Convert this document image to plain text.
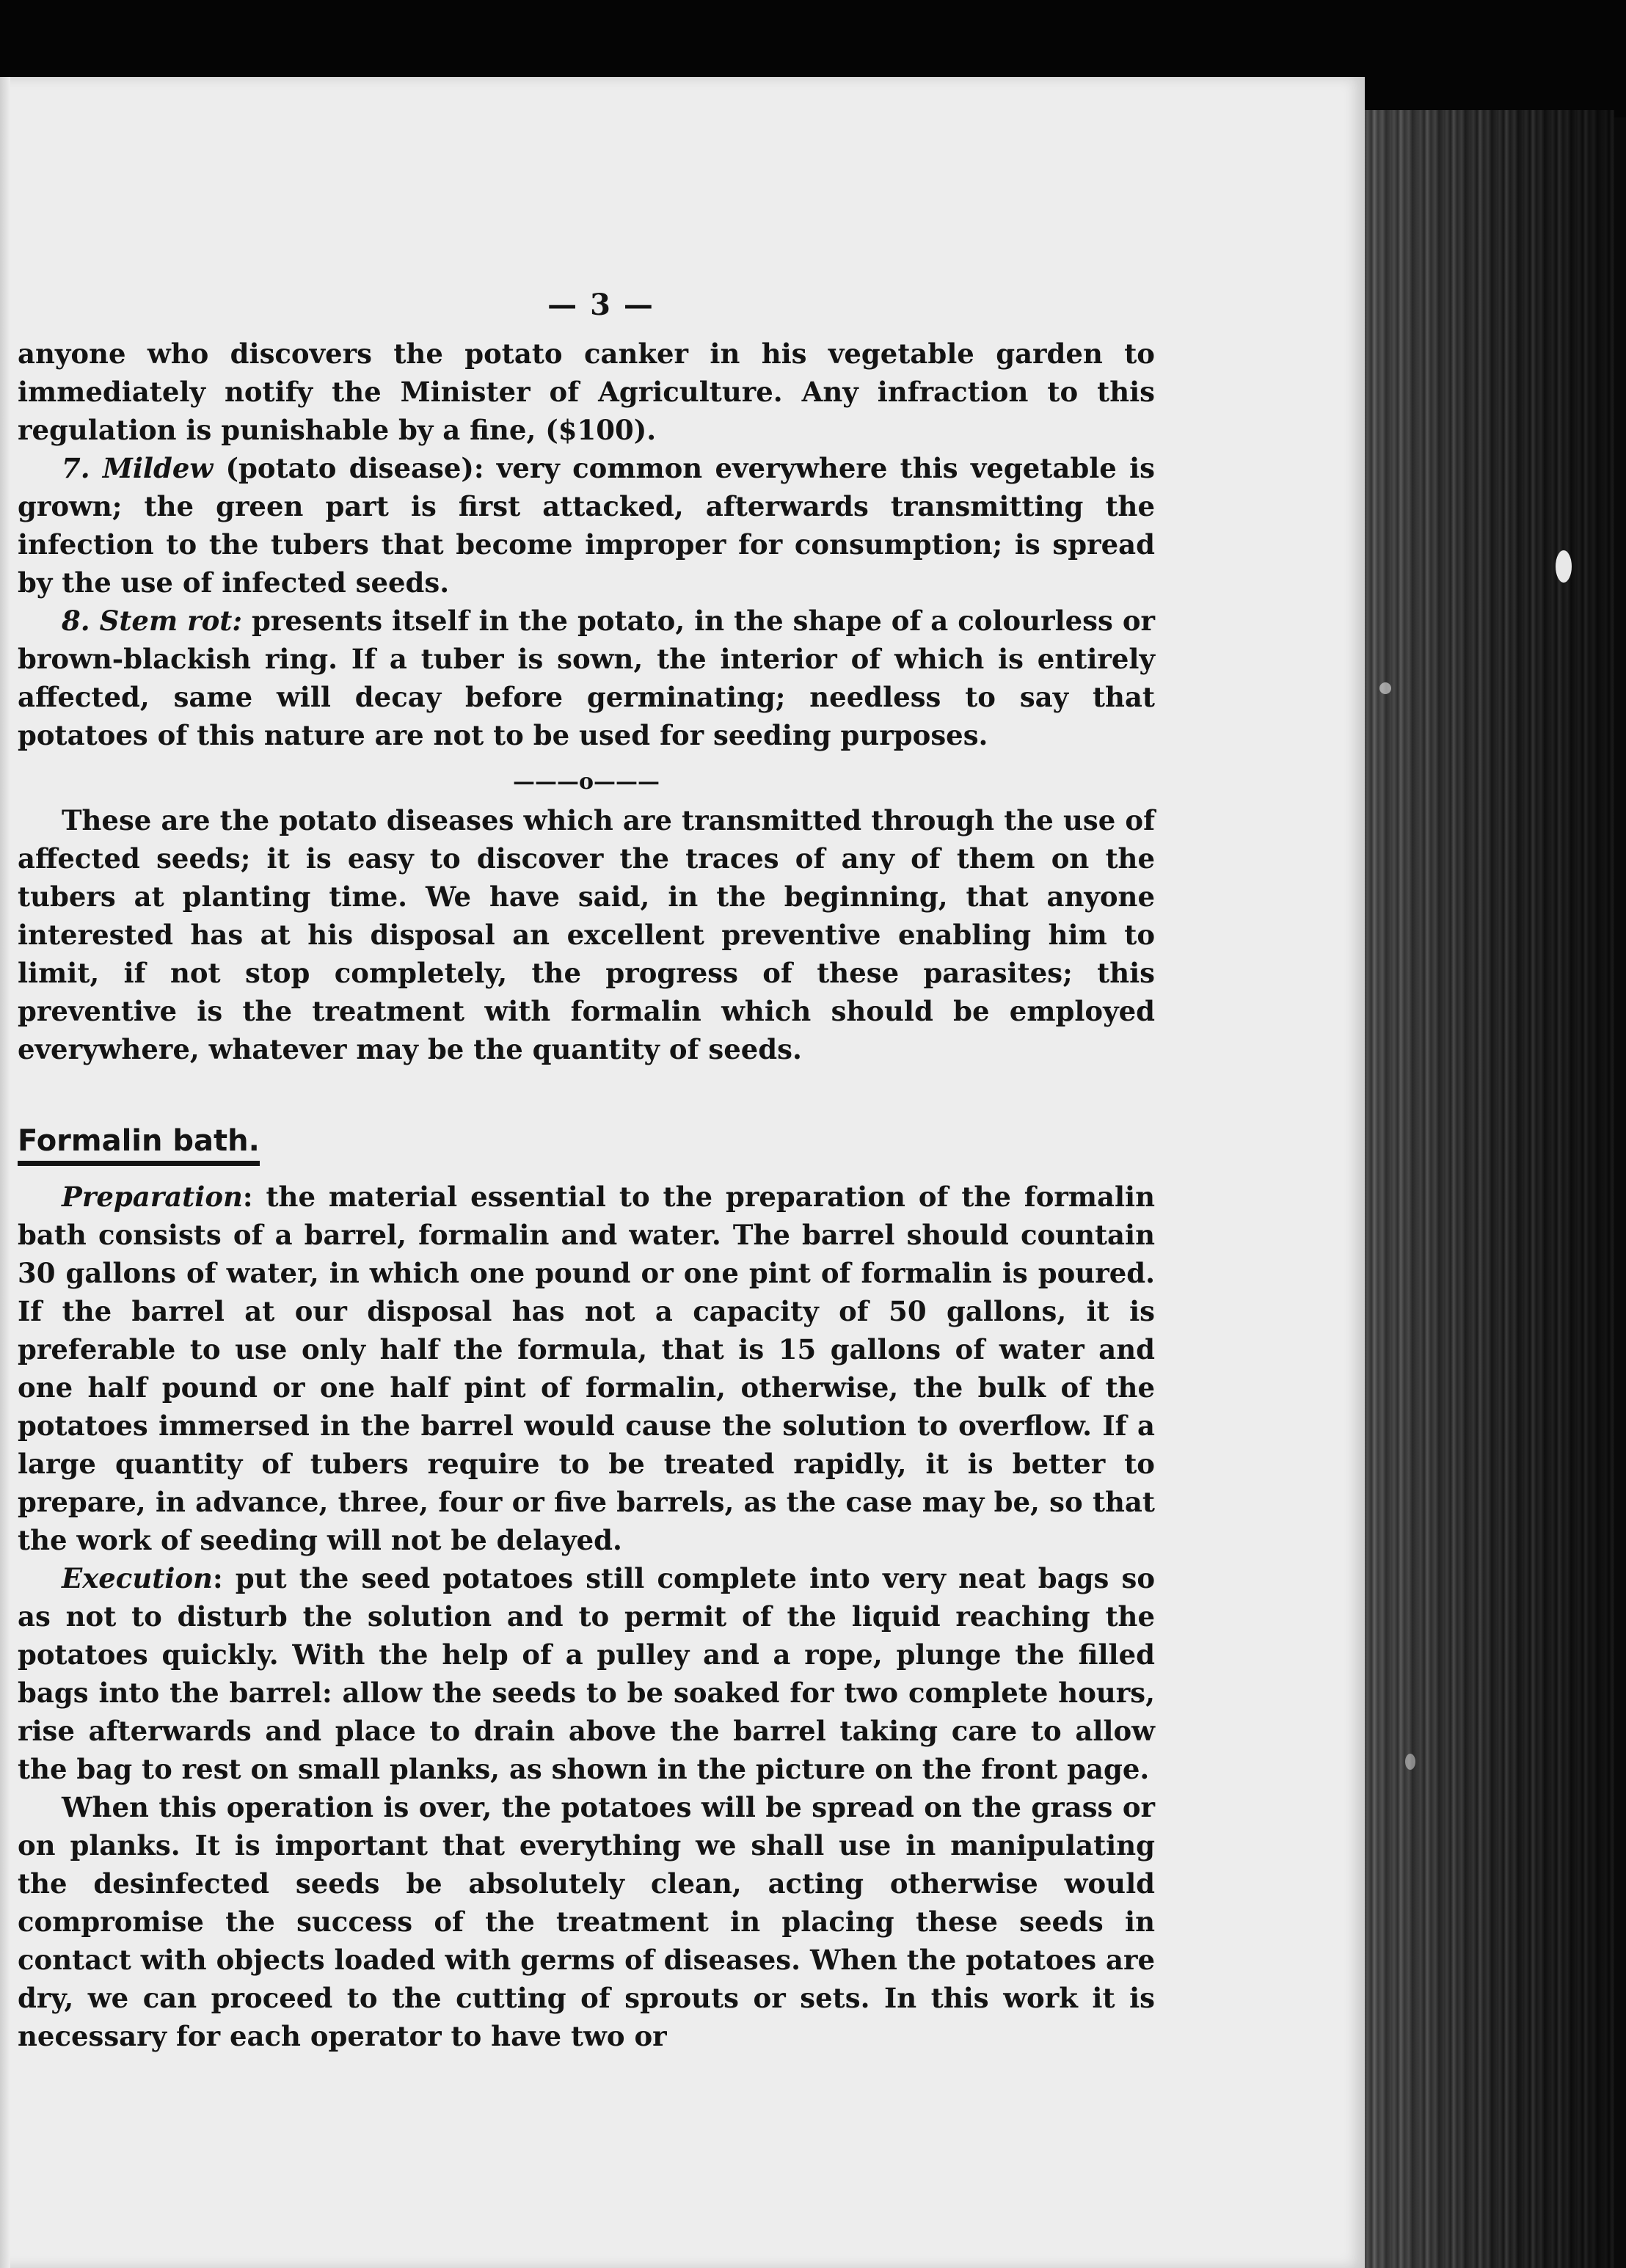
— 3 —

anyone who discovers the potato canker in his vegetable garden to immediately notify the Minister of Agriculture. Any infraction to this regulation is punishable by a fine, ($100).

7. Mildew (potato disease): very common everywhere this vegetable is grown; the green part is first attacked, afterwards transmitting the infection to the tubers that become improper for consumption; is spread by the use of infected seeds.

8. Stem rot: presents itself in the potato, in the shape of a colourless or brown-blackish ring. If a tuber is sown, the interior of which is entirely affected, same will decay before germinating; needless to say that potatoes of this nature are not to be used for seeding purposes.

———o———

These are the potato diseases which are transmitted through the use of affected seeds; it is easy to discover the traces of any of them on the tubers at planting time. We have said, in the beginning, that anyone interested has at his disposal an excellent preventive enabling him to limit, if not stop completely, the progress of these parasites; this preventive is the treatment with formalin which should be employed everywhere, whatever may be the quantity of seeds.

Formalin bath.

Preparation: the material essential to the preparation of the formalin bath consists of a barrel, formalin and water. The barrel should countain 30 gallons of water, in which one pound or one pint of formalin is poured. If the barrel at our disposal has not a capacity of 50 gallons, it is preferable to use only half the formula, that is 15 gallons of water and one half pound or one half pint of formalin, otherwise, the bulk of the potatoes immersed in the barrel would cause the solution to overflow. If a large quantity of tubers require to be treated rapidly, it is better to prepare, in advance, three, four or five barrels, as the case may be, so that the work of seeding will not be delayed.

Execution: put the seed potatoes still complete into very neat bags so as not to disturb the solution and to permit of the liquid reaching the potatoes quickly. With the help of a pulley and a rope, plunge the filled bags into the barrel: allow the seeds to be soaked for two complete hours, rise afterwards and place to drain above the barrel taking care to allow the bag to rest on small planks, as shown in the picture on the front page.

When this operation is over, the potatoes will be spread on the grass or on planks. It is important that everything we shall use in manipulating the desinfected seeds be absolutely clean, acting otherwise would compromise the success of the treatment in placing these seeds in contact with objects loaded with germs of diseases. When the potatoes are dry, we can proceed to the cutting of sprouts or sets. In this work it is necessary for each operator to have two or
